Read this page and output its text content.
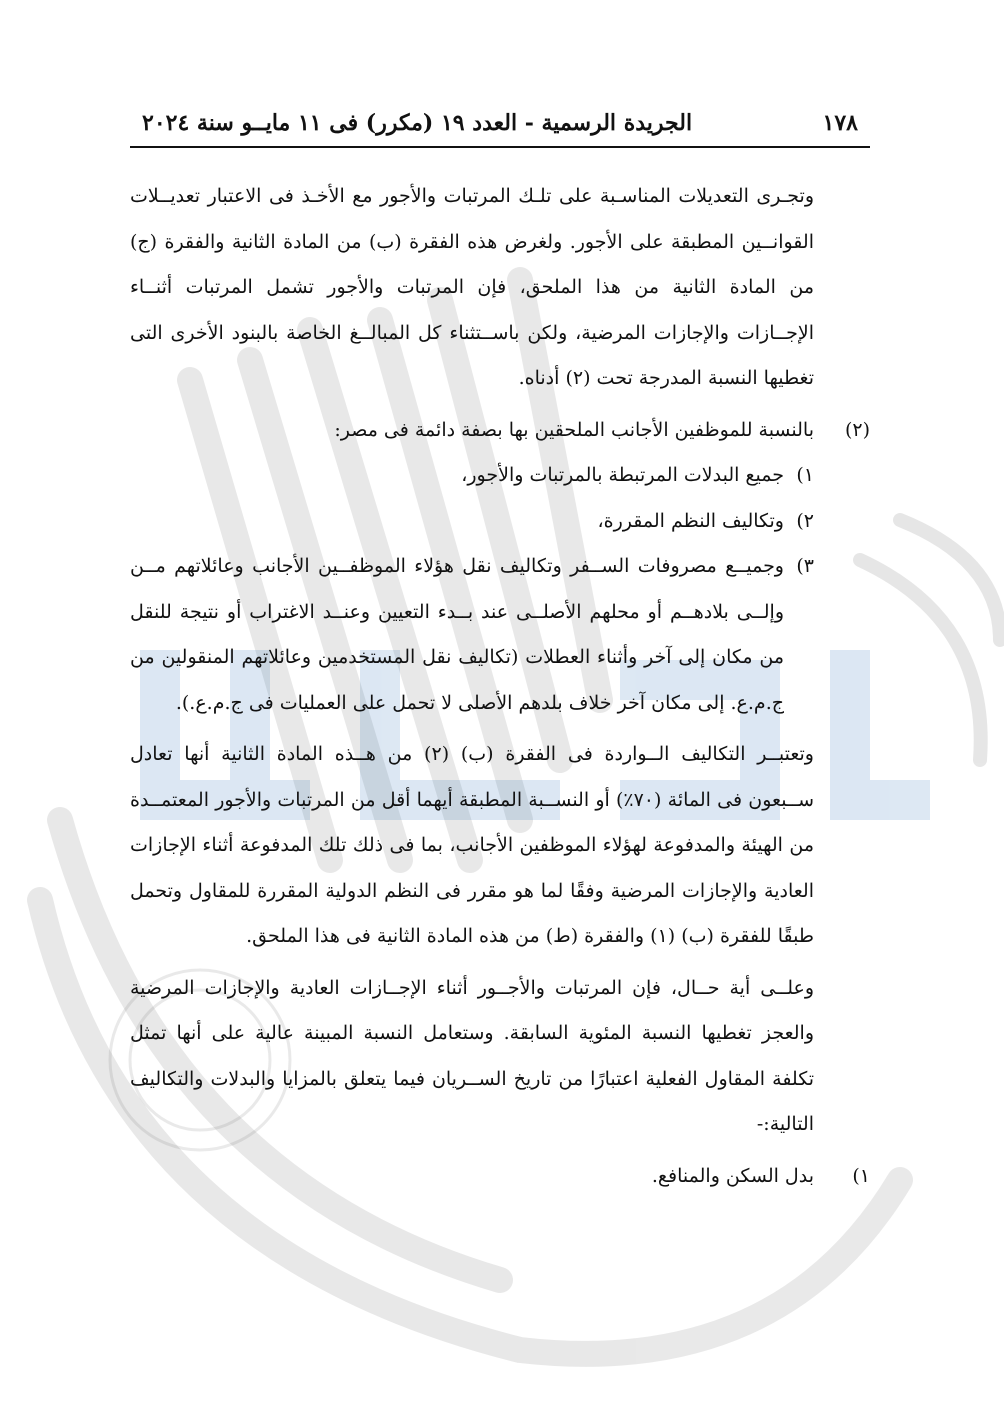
١٧٨
الجريدة الرسمية - العدد ١٩ (مكرر) فى ١١ مايــو سنة ٢٠٢٤

وتجـرى التعديلات المناسـبة على تلـك المرتبات والأجور مع الأخـذ فى الاعتبار تعديــلات القوانــين المطبقة على الأجور. ولغرض هذه الفقرة (ب) من المادة الثانية والفقرة (ج) من المادة الثانية من هذا الملحق، فإن المرتبات والأجور تشمل المرتبات أثنــاء الإجــازات والإجازات المرضية، ولكن باســتثناء كل المبالــغ الخاصة بالبنود الأخرى التى تغطيها النسبة المدرجة تحت (٢) أدناه.

(٢)
بالنسبة للموظفين الأجانب الملحقين بها بصفة دائمة فى مصر:
١)
جميع البدلات المرتبطة بالمرتبات والأجور،
٢)
وتكاليف النظم المقررة،
٣)
وجميــع مصروفات الســفر وتكاليف نقل هؤلاء الموظفــين الأجانب وعائلاتهم مــن وإلــى بلادهــم أو محلهم الأصلــى عند بــدء التعيين وعنــد الاغتراب أو نتيجة للنقل من مكان إلى آخر وأثناء العطلات (تكاليف نقل المستخدمين وعائلاتهم المنقولين من ج.م.ع. إلى مكان آخر خلاف بلدهم الأصلى لا تحمل على العمليات فى ج.م.ع.).

وتعتبــر التكاليف الــواردة فى الفقرة (ب) (٢) من هــذه المادة الثانية أنها تعادل ســبعون فى المائة (٧٠٪) أو النســبة المطبقة أيهما أقل من المرتبات والأجور المعتمــدة من الهيئة والمدفوعة لهؤلاء الموظفين الأجانب، بما فى ذلك تلك المدفوعة أثناء الإجازات العادية والإجازات المرضية وفقًا لما هو مقرر فى النظم الدولية المقررة للمقاول وتحمل طبقًا للفقرة (ب) (١) والفقرة (ط) من هذه المادة الثانية فى هذا الملحق.

وعلــى أية حــال، فإن المرتبات والأجــور أثناء الإجــازات العادية والإجازات المرضية والعجز تغطيها النسبة المئوية السابقة. وستعامل النسبة المبينة عالية على أنها تمثل تكلفة المقاول الفعلية اعتبارًا من تاريخ الســريان فيما يتعلق بالمزايا والبدلات والتكاليف التالية:-

١)
بدل السكن والمنافع.
